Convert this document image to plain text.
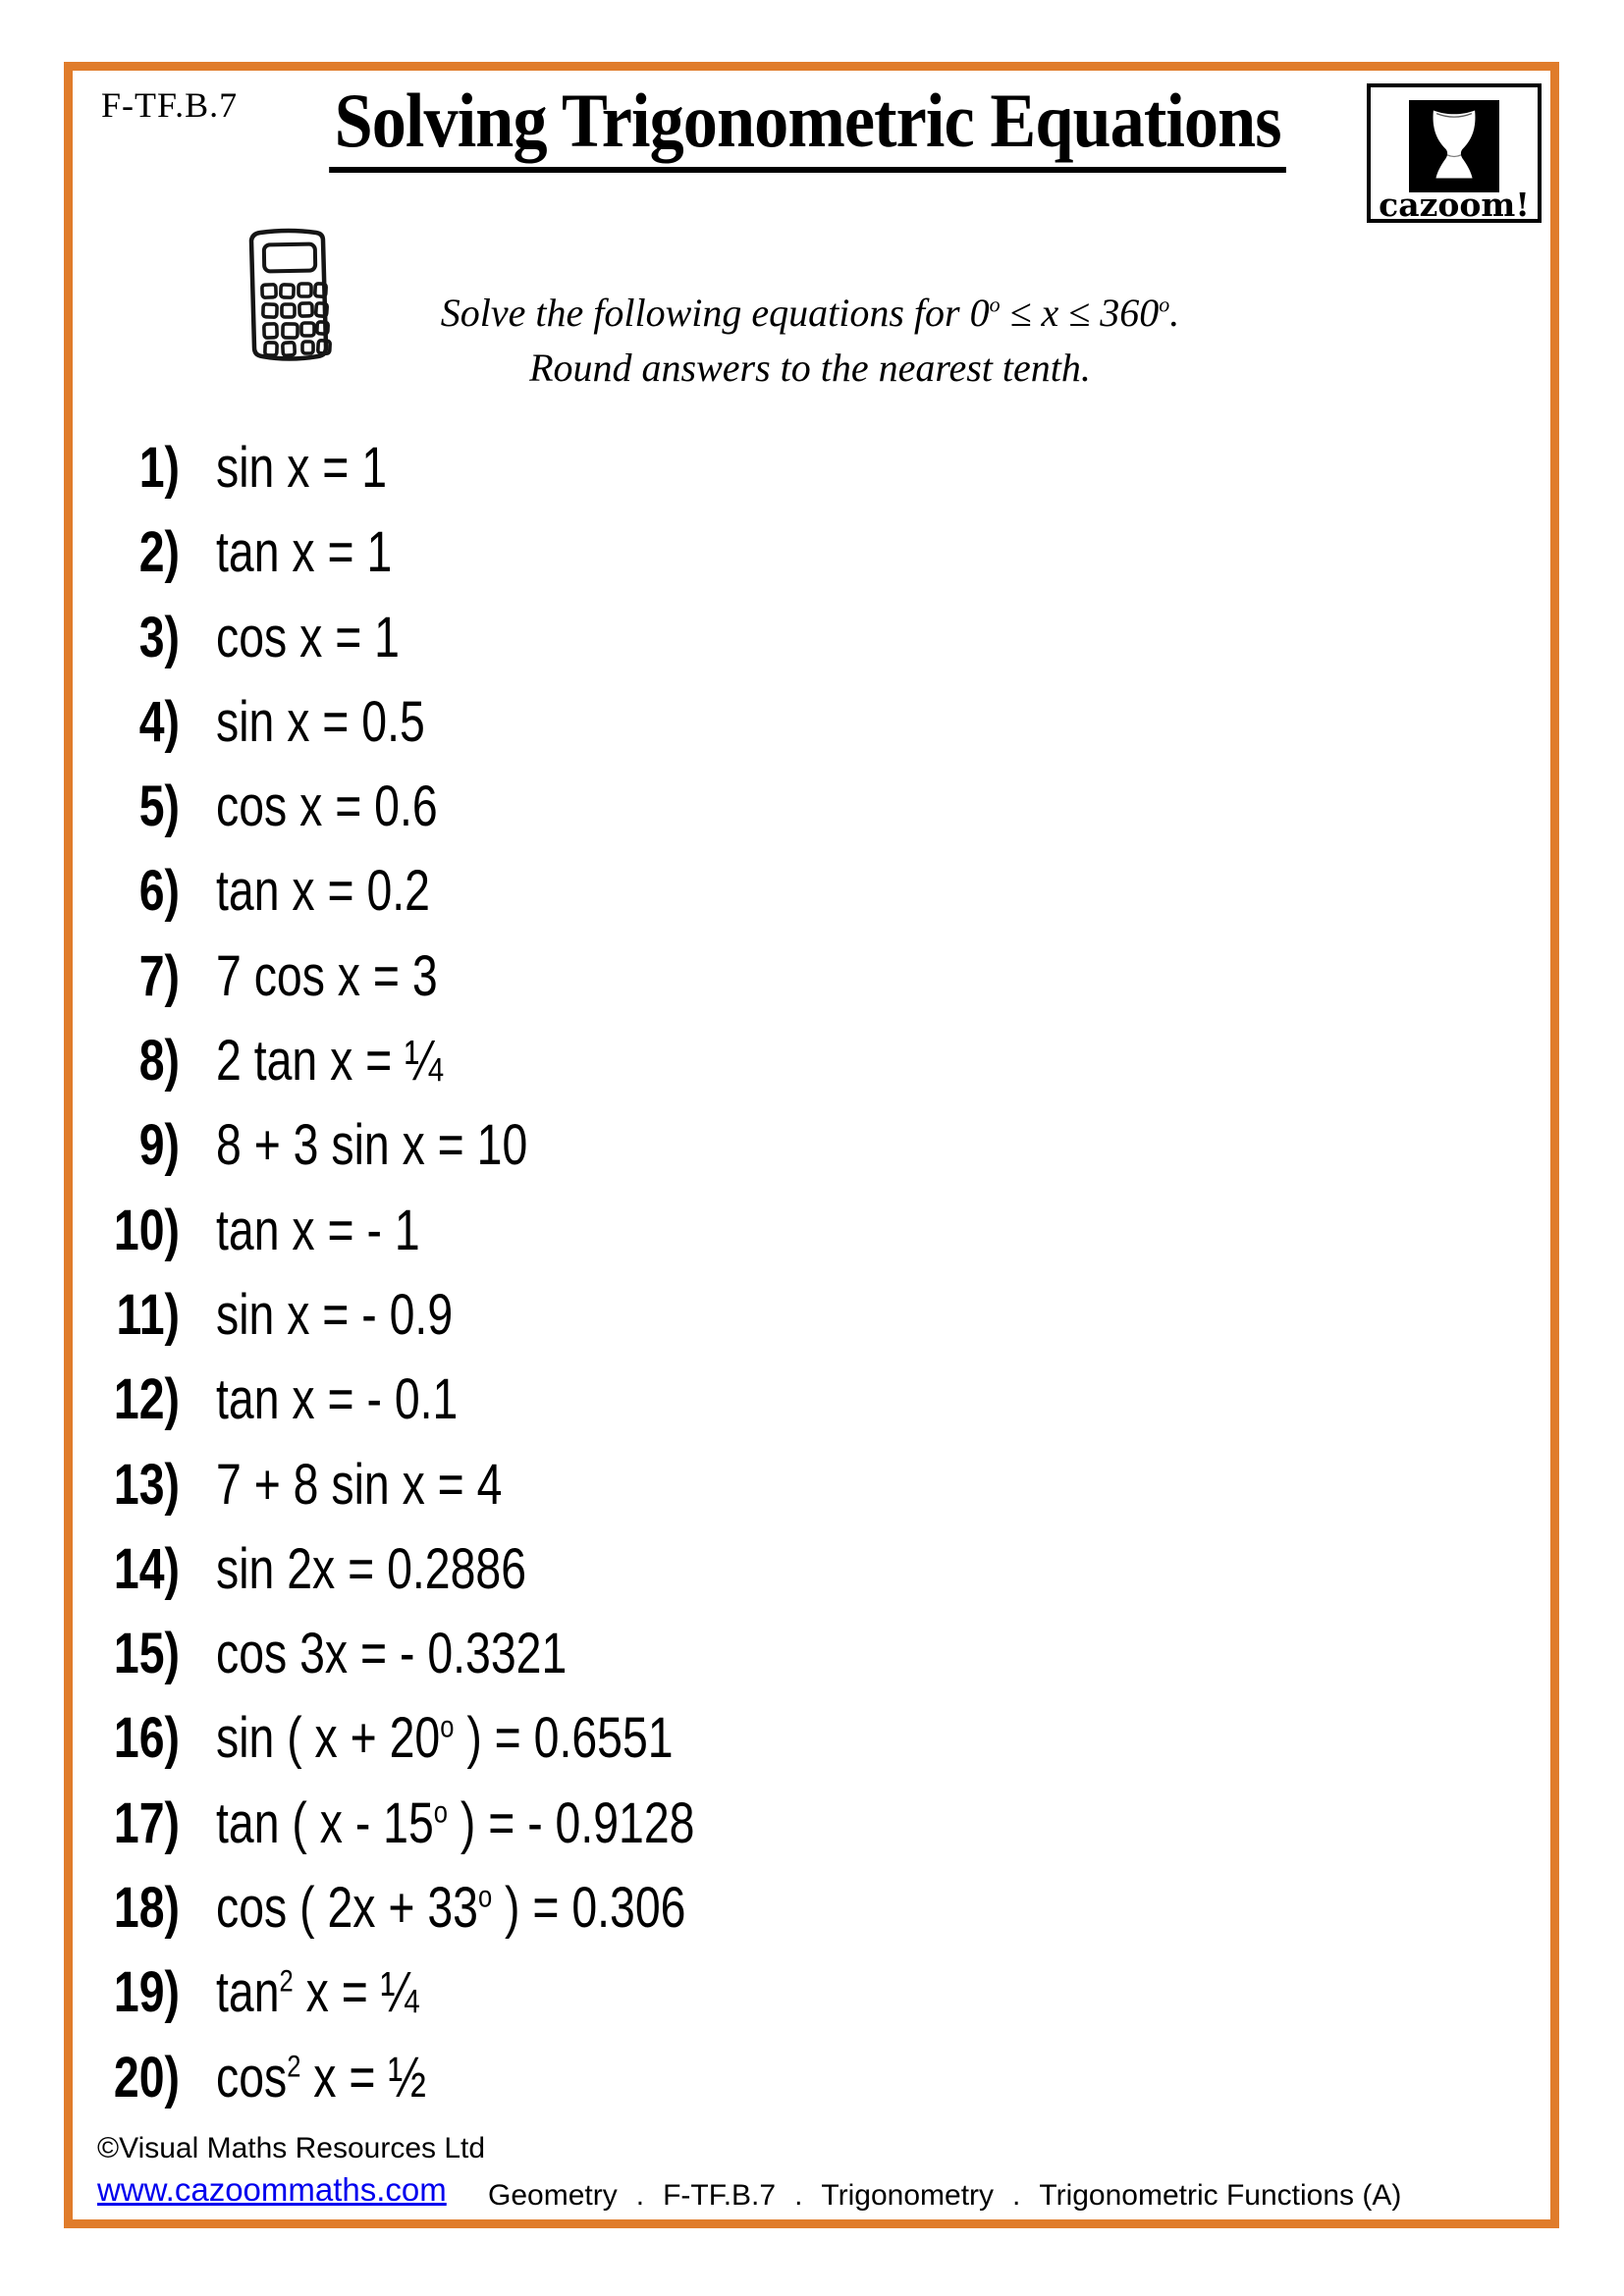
F-TF.B.7	Solving Trigonometric Equations
cazoom!
Solve the following equations for $0^o \le x \le 360^o$.
Round answers to the nearest tenth.
1) sin x = 1
2) tan x = 1
3) cos x = 1
4) sin x = 0.5
5) cos x = 0.6
6) tan x = 0.2
7) 7 cos x = 3
8) 2 tan x = ¼
9) 8 + 3 sin x = 10
10) tan x = - 1
11) sin x = - 0.9
12) tan x = - 0.1
13) 7 + 8 sin x = 4
14) sin 2x = 0.2886
15) cos 3x = - 0.3321
16) sin ( $x + 20^o$ ) = 0.6551
17) tan ( x - 15$^o$ ) = - 0.9128
18) cos ( $2x + 33^o$ ) = 0.306
19) $\tan^2 x$ = ¼
20) $\cos^2 x$ = ½
©Visual Maths Resources Ltd
www.cazoommaths.com Geometry . F-TF.B.7 . Trigonometry . Trigonometric Functions (A)
